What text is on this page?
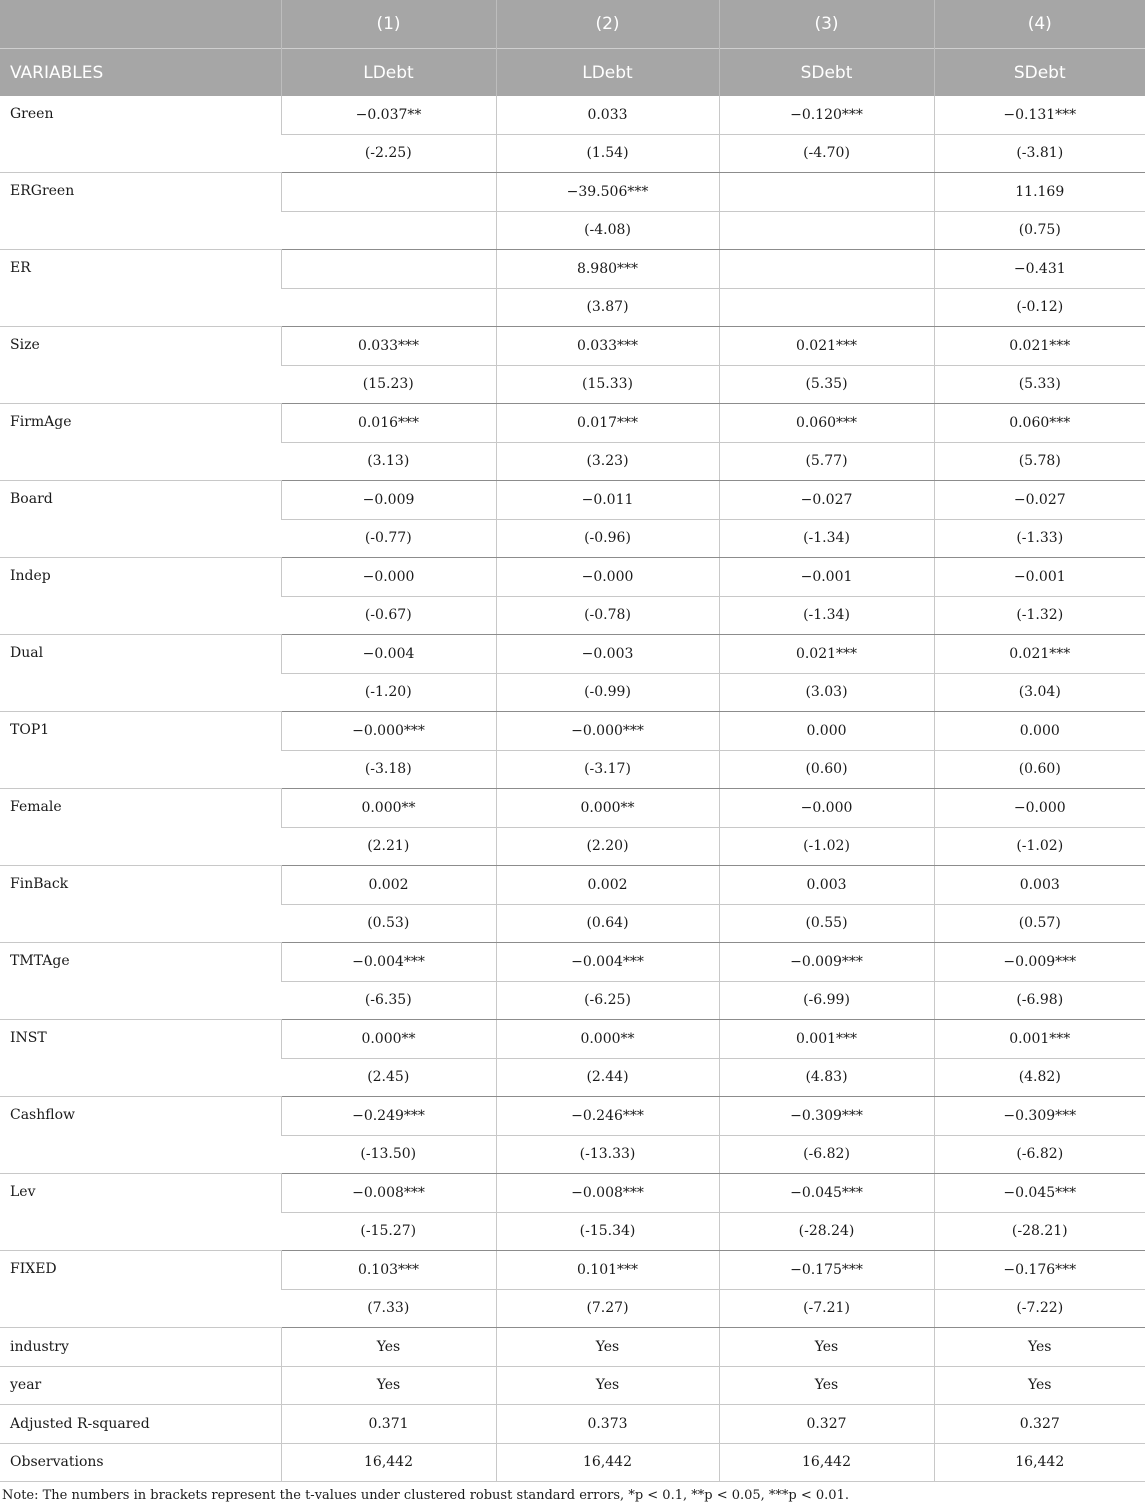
	(1)	(2)	(3)	(4)
VARIABLES	LDebt	LDebt	SDebt	SDebt
Green	−0.037**	0.033	−0.120***	−0.131***
	(-2.25)	(1.54)	(-4.70)	(-3.81)
ERGreen		−39.506***		11.169
		(-4.08)		(0.75)
ER		8.980***		−0.431
		(3.87)		(-0.12)
Size	0.033***	0.033***	0.021***	0.021***
	(15.23)	(15.33)	(5.35)	(5.33)
FirmAge	0.016***	0.017***	0.060***	0.060***
	(3.13)	(3.23)	(5.77)	(5.78)
Board	−0.009	−0.011	−0.027	−0.027
	(-0.77)	(-0.96)	(-1.34)	(-1.33)
Indep	−0.000	−0.000	−0.001	−0.001
	(-0.67)	(-0.78)	(-1.34)	(-1.32)
Dual	−0.004	−0.003	0.021***	0.021***
	(-1.20)	(-0.99)	(3.03)	(3.04)
TOP1	−0.000***	−0.000***	0.000	0.000
	(-3.18)	(-3.17)	(0.60)	(0.60)
Female	0.000**	0.000**	−0.000	−0.000
	(2.21)	(2.20)	(-1.02)	(-1.02)
FinBack	0.002	0.002	0.003	0.003
	(0.53)	(0.64)	(0.55)	(0.57)
TMTAge	−0.004***	−0.004***	−0.009***	−0.009***
	(-6.35)	(-6.25)	(-6.99)	(-6.98)
INST	0.000**	0.000**	0.001***	0.001***
	(2.45)	(2.44)	(4.83)	(4.82)
Cashflow	−0.249***	−0.246***	−0.309***	−0.309***
	(-13.50)	(-13.33)	(-6.82)	(-6.82)
Lev	−0.008***	−0.008***	−0.045***	−0.045***
	(-15.27)	(-15.34)	(-28.24)	(-28.21)
FIXED	0.103***	0.101***	−0.175***	−0.176***
	(7.33)	(7.27)	(-7.21)	(-7.22)
industry	Yes	Yes	Yes	Yes
year	Yes	Yes	Yes	Yes
Adjusted R-squared	0.371	0.373	0.327	0.327
Observations	16,442	16,442	16,442	16,442
Note: The numbers in brackets represent the t-values under clustered robust standard errors, *p < 0.1, **p < 0.05, ***p < 0.01.
